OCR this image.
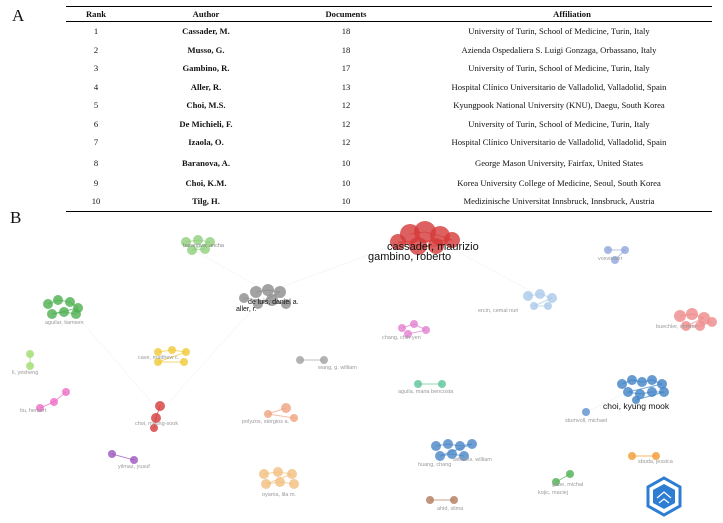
A	Rank	Author	Documents	Affiliation
1	Cassader, M.	18	University of Turin, School of Medicine, Turin, Italy
2	Musso, G.	18	Azienda Ospedaliera S. Luigi Gonzaga, Orbassano, Italy
3	Gambino, R.	17	University of Turin, School of Medicine, Turin, Italy
4	Aller, R.	13	Hospital Clínico Universitario de Valladolid, Valladolid, Spain
5	Choi, M.S.	12	Kyungpook National University (KNU), Daegu, South Korea
6	De Michieli, F.	12	University of Turin, School of Medicine, Turin, Italy
7	Izaola, O.	12	Hospital Clínico Universitario de Valladolid, Valladolid, Spain
8	Baranova, A.	10	George Mason University, Fairfax, United States
9	Choi, K.M.	10	Korea University College of Medicine, Seoul, South Korea
10	Tilg, H.	10	Medizinische Universitat Innsbruck, Innsbruck, Austria
B
cassader, maurizio
gambino, roberto
baranova, ancha
de luis, daniel a.
aller, r.
vosviewer
aguilar, tiamsen
ercin, cemal nuri
buechler, christa
chang, chih-yen
li, yesheng
cave, matthew c.
wang, g. william
aguila, maria bencosta
choi, kyung mook
stumvoll, michael
tiu, herbert
choi, myung-sook	polyzos, stergios a.
huang, chang
williams, william
yilmaz, yusuf
gabe, michal
kojic, maciej
sbuda, jessica
oyama, lila m.
ahid, slima
